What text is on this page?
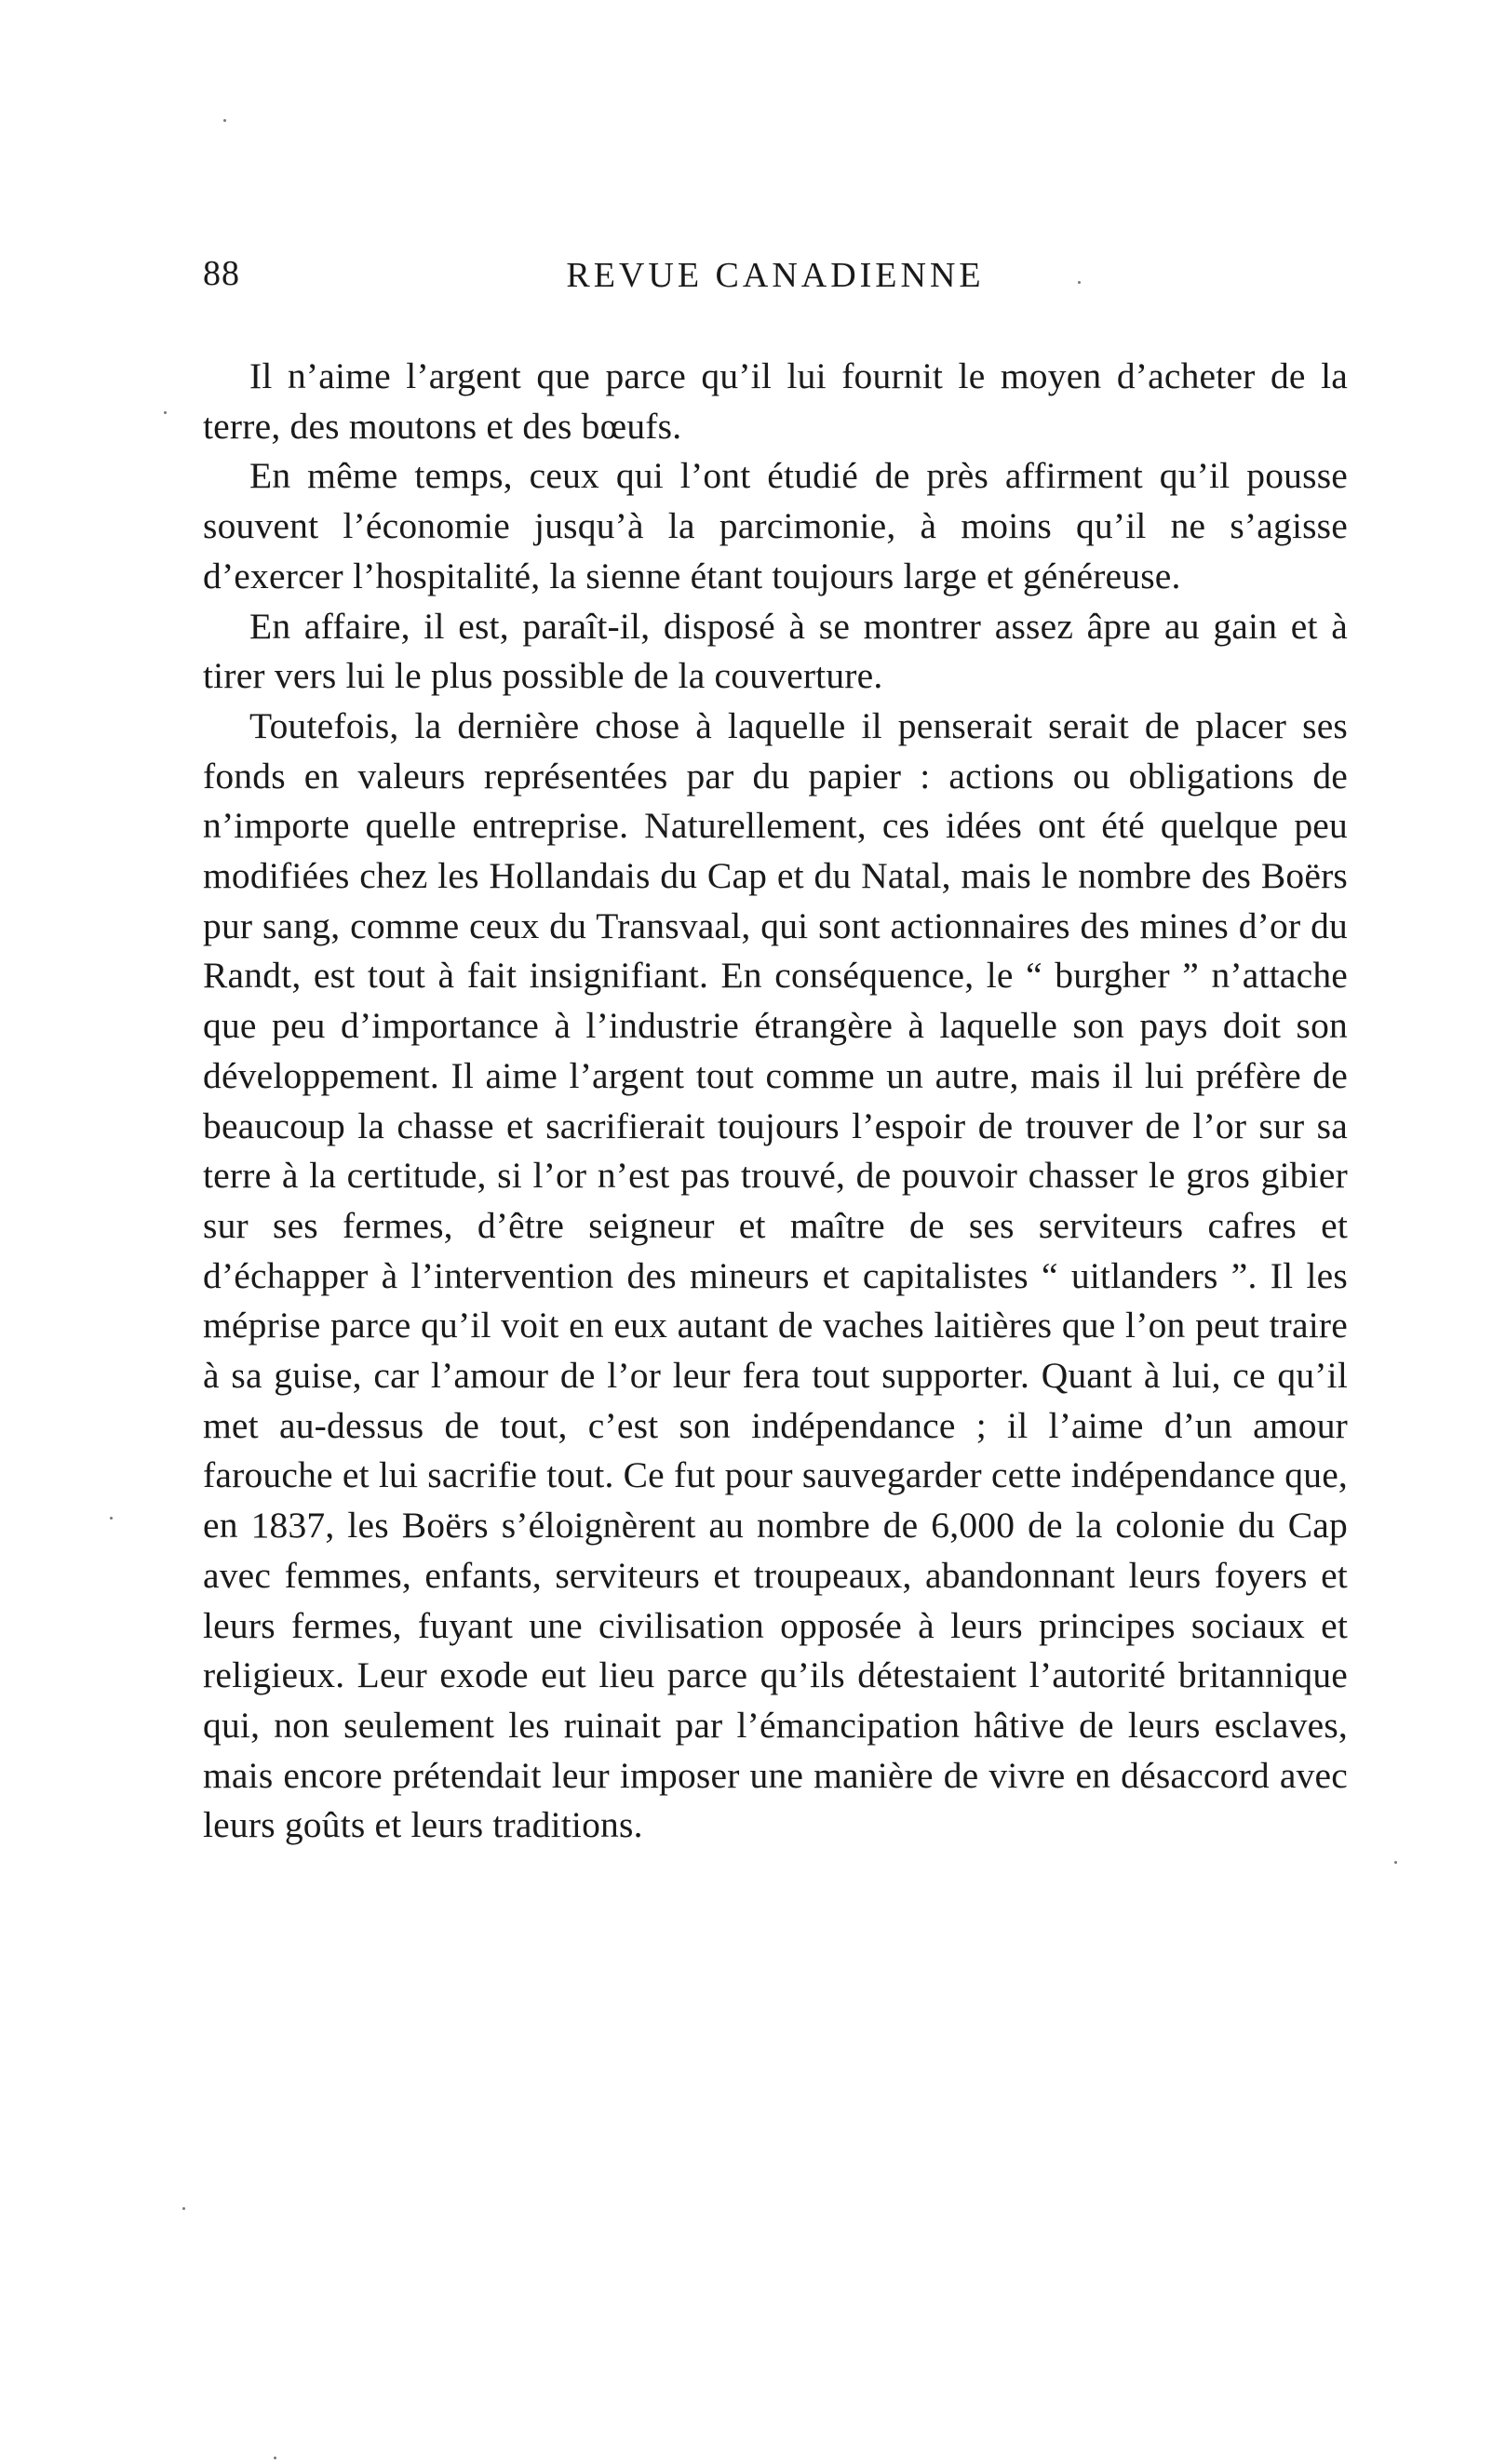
88	REVUE CANADIENNE

Il n’aime l’argent que parce qu’il lui fournit le moyen d’acheter de la terre, des moutons et des bœufs.

En même temps, ceux qui l’ont étudié de près affirment qu’il pousse souvent l’économie jusqu’à la parcimonie, à moins qu’il ne s’agisse d’exercer l’hospitalité, la sienne étant toujours large et généreuse.

En affaire, il est, paraît-il, disposé à se montrer assez âpre au gain et à tirer vers lui le plus possible de la couverture.

Toutefois, la dernière chose à laquelle il penserait serait de placer ses fonds en valeurs représentées par du papier : actions ou obligations de n’importe quelle entreprise. Naturellement, ces idées ont été quelque peu modifiées chez les Hollandais du Cap et du Natal, mais le nombre des Boërs pur sang, comme ceux du Transvaal, qui sont actionnaires des mines d’or du Randt, est tout à fait insignifiant. En conséquence, le “ burgher ” n’attache que peu d’importance à l’industrie étrangère à laquelle son pays doit son développement. Il aime l’argent tout comme un autre, mais il lui préfère de beaucoup la chasse et sacrifierait toujours l’espoir de trouver de l’or sur sa terre à la certitude, si l’or n’est pas trouvé, de pouvoir chasser le gros gibier sur ses fermes, d’être seigneur et maître de ses serviteurs cafres et d’échapper à l’intervention des mineurs et capitalistes “ uitlanders ”. Il les méprise parce qu’il voit en eux autant de vaches laitières que l’on peut traire à sa guise, car l’amour de l’or leur fera tout supporter. Quant à lui, ce qu’il met au-dessus de tout, c’est son indépendance ; il l’aime d’un amour farouche et lui sacrifie tout. Ce fut pour sauvegarder cette indépendance que, en 1837, les Boërs s’éloignèrent au nombre de 6,000 de la colonie du Cap avec femmes, enfants, serviteurs et troupeaux, abandonnant leurs foyers et leurs fermes, fuyant une civilisation opposée à leurs principes sociaux et religieux. Leur exode eut lieu parce qu’ils détestaient l’autorité britannique qui, non seulement les ruinait par l’émancipation hâtive de leurs esclaves, mais encore prétendait leur imposer une manière de vivre en désaccord avec leurs goûts et leurs traditions.
